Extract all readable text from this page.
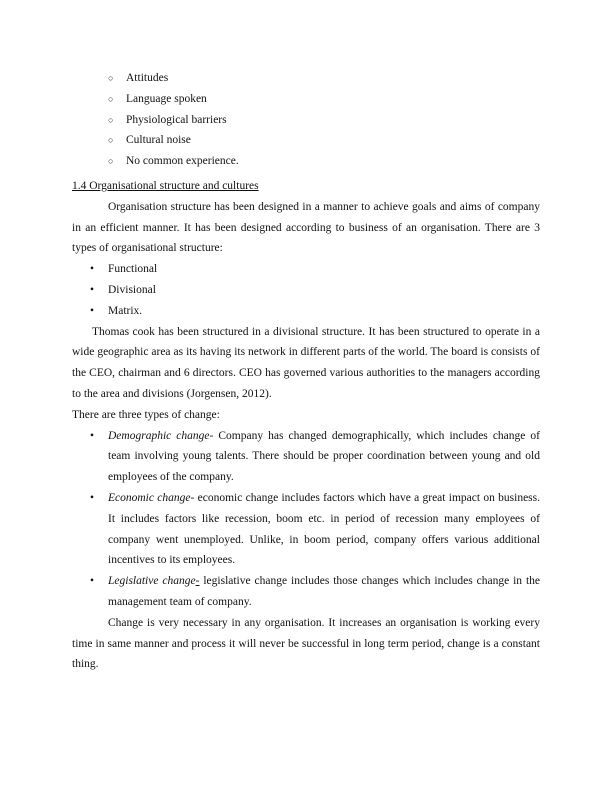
○ Attitudes
○ Language spoken
○ Physiological barriers
○ Cultural noise
○ No common experience.
1.4 Organisational structure and cultures

Organisation structure has been designed in a manner to achieve goals and aims of company in an efficient manner. It has been designed according to business of an organisation. There are 3 types of organisational structure:

• Functional
• Divisional
• Matrix.

Thomas cook has been structured in a divisional structure. It has been structured to operate in a wide geographic area as its having its network in different parts of the world. The board is consists of the CEO, chairman and 6 directors. CEO has governed various authorities to the managers according to the area and divisions (Jorgensen, 2012).

There are three types of change:

• Demographic change- Company has changed demographically, which includes change of team involving young talents. There should be proper coordination between young and old employees of the company.
• Economic change- economic change includes factors which have a great impact on business. It includes factors like recession, boom etc. in period of recession many employees of company went unemployed. Unlike, in boom period, company offers various additional incentives to its employees.
• Legislative change- legislative change includes those changes which includes change in the management team of company.

Change is very necessary in any organisation. It increases an organisation is working every time in same manner and process it will never be successful in long term period, change is a constant thing.
